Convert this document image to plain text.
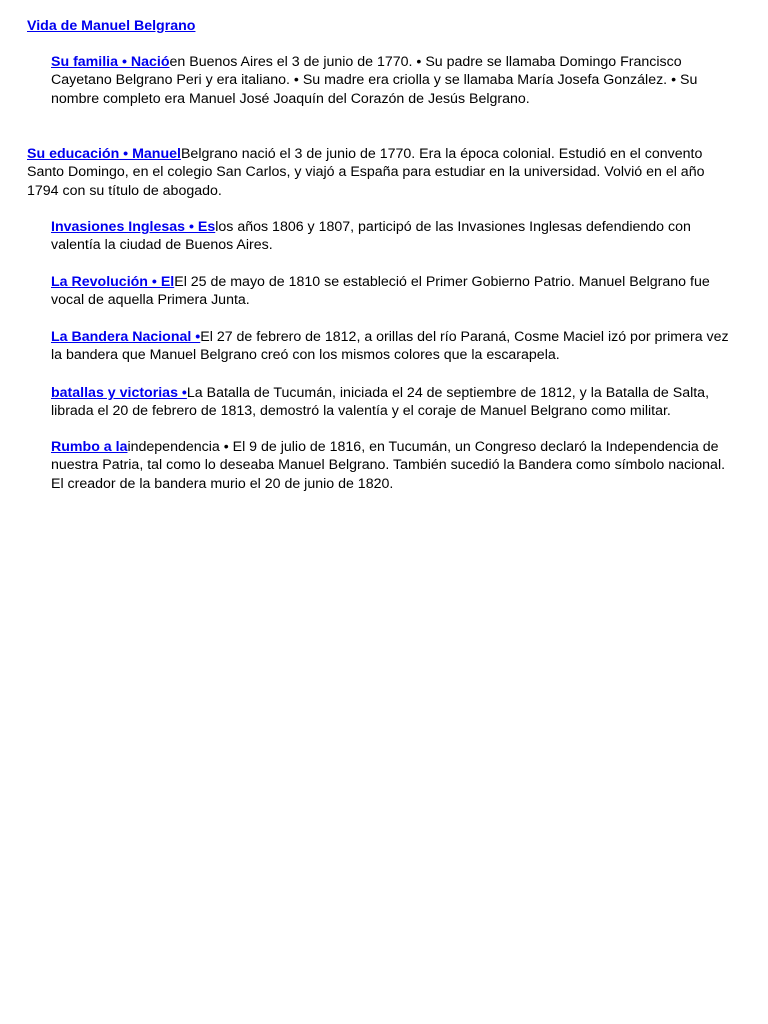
Vida de Manuel Belgrano

Su familia • Nacióen Buenos Aires el 3 de junio de 1770. • Su padre se llamaba Domingo Francisco Cayetano Belgrano Peri y era italiano. • Su madre era criolla y se llamaba María Josefa González. • Su nombre completo era Manuel José Joaquín del Corazón de Jesús Belgrano.

Su educación • ManuelBelgrano nació el 3 de junio de 1770. Era la época colonial. Estudió en el convento Santo Domingo, en el colegio San Carlos, y viajó a España para estudiar en la universidad. Volvió en el año 1794 con su título de abogado.

Invasiones Inglesas • Eslos años 1806 y 1807, participó de las Invasiones Inglesas defendiendo con valentía la ciudad de Buenos Aires.

La Revolución • ElEl 25 de mayo de 1810 se estableció el Primer Gobierno Patrio. Manuel Belgrano fue vocal de aquella Primera Junta.

La Bandera Nacional •El 27 de febrero de 1812, a orillas del río Paraná, Cosme Maciel izó por primera vez la bandera que Manuel Belgrano creó con los mismos colores que la escarapela.

batallas y victorias •La Batalla de Tucumán, iniciada el 24 de septiembre de 1812, y la Batalla de Salta, librada el 20 de febrero de 1813, demostró la valentía y el coraje de Manuel Belgrano como militar.

Rumbo a laindependencia • El 9 de julio de 1816, en Tucumán, un Congreso declaró la Independencia de nuestra Patria, tal como lo deseaba Manuel Belgrano. También sucedió la Bandera como símbolo nacional. El creador de la bandera murio el 20 de junio de 1820.
